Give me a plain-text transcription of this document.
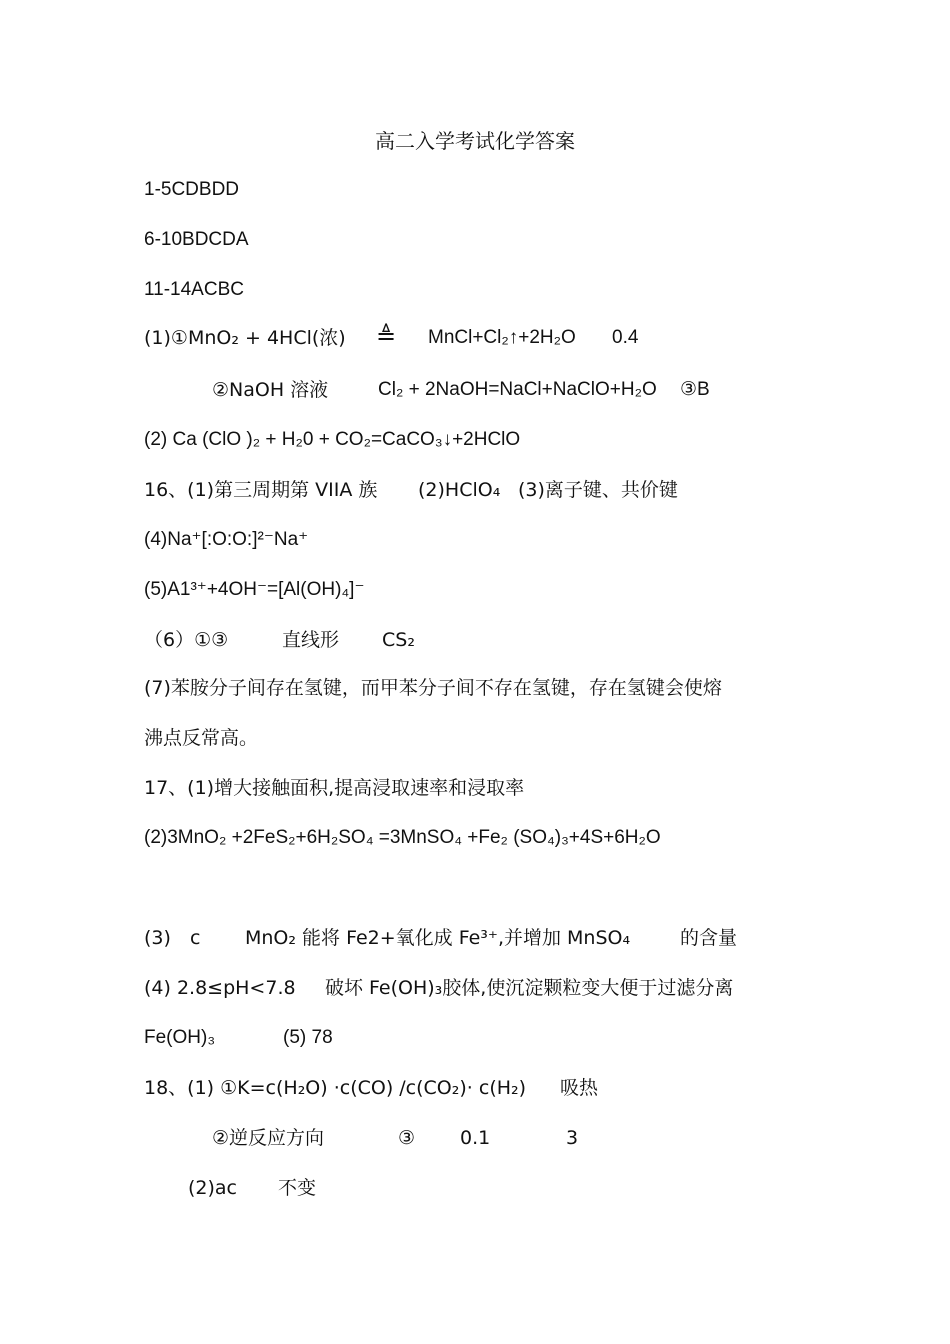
高二入学考试化学答案
1-5CDBDD
6-10BDCDA
11-14ACBC
(1)①MnO₂ + 4HCl(浓) ≜ MnCl+Cl₂↑+2H₂O 0.4
②NaOH 溶液	Cl₂ + 2NaOH=NaCl+NaClO+H₂O ③B
(2) Ca (ClO )₂ + H₂0 + CO₂=CaCO₃↓+2HClO
16、(1)第三周期第 VIIA 族 (2)HClO₄ (3)离子键、共价键
(4)Na⁺[:O:O:]²⁻Na⁺
(5)A1³⁺+4OH⁻=[Al(OH)₄]⁻
（6）①③	直线形 CS₂
(7)苯胺分子间存在氢键，而甲苯分子间不存在氢键，存在氢键会使熔
沸点反常高。
17、(1)增大接触面积,提高浸取速率和浸取率
(2)3MnO₂ +2FeS₂+6H₂SO₄ =3MnSO₄ +Fe₂ (SO₄)₃+4S+6H₂O
(3) c MnO₂ 能将 Fe2+氧化成 Fe³⁺,并增加 MnSO₄	的含量
(4) 2.8≤pH<7.8 破坏 Fe(OH)₃胶体,使沉淀颗粒变大便于过滤分离
Fe(OH)₃	(5) 78
18、(1) ①K=c(H₂O) ·c(CO) /c(CO₂)· c(H₂) 吸热
②逆反应方向	③ 0.1	3
(2)ac 不变
